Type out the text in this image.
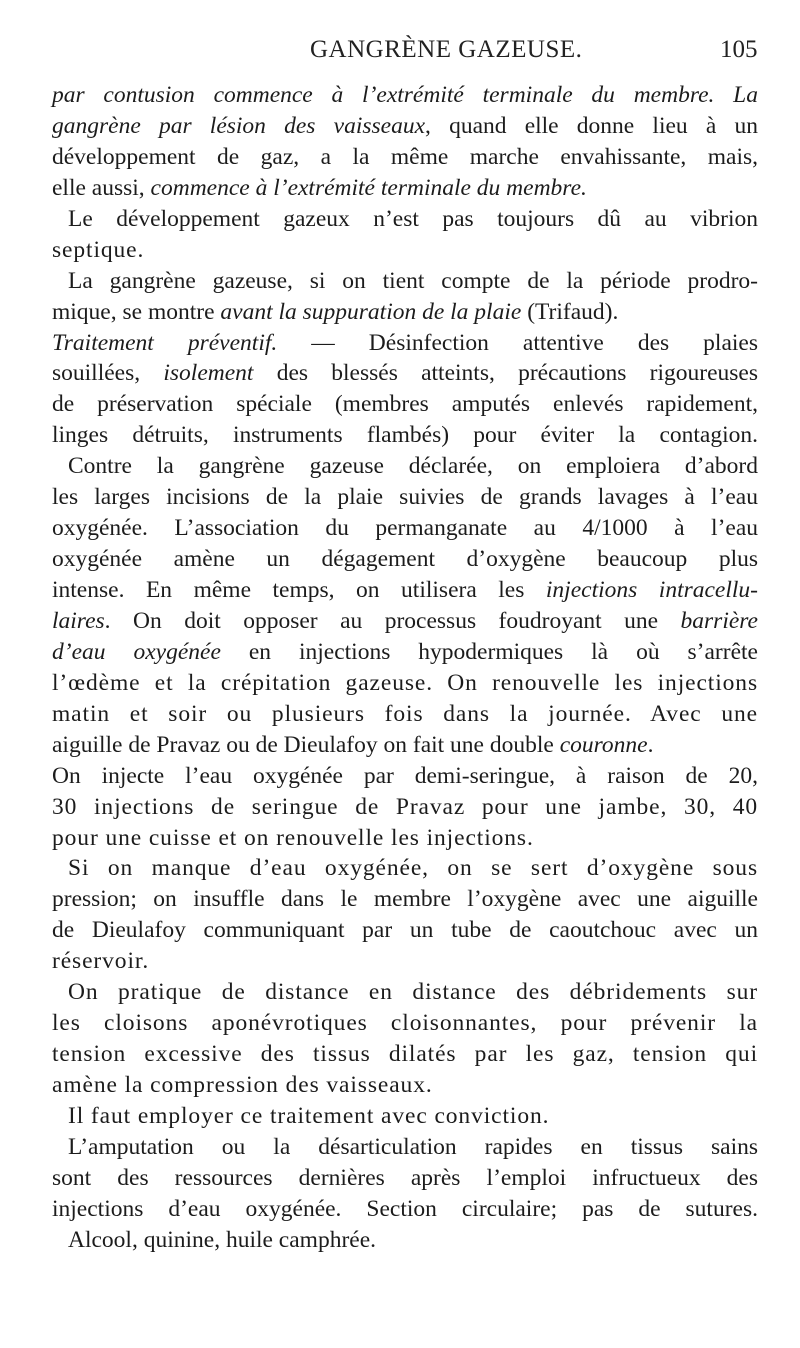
GANGRÈNE GAZEUSE.	105
par contusion commence à l’extrémité terminale du membre. La
gangrène par lésion des vaisseaux, quand elle donne lieu à un
développement de gaz, a la même marche envahissante, mais,
elle aussi, commence à l’extrémité terminale du membre.
Le développement gazeux n’est pas toujours dû au vibrion
septique.
La gangrène gazeuse, si on tient compte de la période prodro-
mique, se montre avant la suppuration de la plaie (Trifaud).
Traitement préventif. — Désinfection attentive des plaies
souillées, isolement des blessés atteints, précautions rigoureuses
de préservation spéciale (membres amputés enlevés rapidement,
linges détruits, instruments flambés) pour éviter la contagion.
Contre la gangrène gazeuse déclarée, on emploiera d’abord
les larges incisions de la plaie suivies de grands lavages à l’eau
oxygénée. L’association du permanganate au 4/1000 à l’eau
oxygénée amène un dégagement d’oxygène beaucoup plus
intense. En même temps, on utilisera les injections intracellu-
laires. On doit opposer au processus foudroyant une barrière
d’eau oxygénée en injections hypodermiques là où s’arrête
l’œdème et la crépitation gazeuse. On renouvelle les injections
matin et soir ou plusieurs fois dans la journée. Avec une
aiguille de Pravaz ou de Dieulafoy on fait une double couronne.
On injecte l’eau oxygénée par demi-seringue, à raison de 20,
30 injections de seringue de Pravaz pour une jambe, 30, 40
pour une cuisse et on renouvelle les injections.
Si on manque d’eau oxygénée, on se sert d’oxygène sous
pression; on insuffle dans le membre l’oxygène avec une aiguille
de Dieulafoy communiquant par un tube de caoutchouc avec un
réservoir.
On pratique de distance en distance des débridements sur
les cloisons aponévrotiques cloisonnantes, pour prévenir la
tension excessive des tissus dilatés par les gaz, tension qui
amène la compression des vaisseaux.
Il faut employer ce traitement avec conviction.
L’amputation ou la désarticulation rapides en tissus sains
sont des ressources dernières après l’emploi infructueux des
injections d’eau oxygénée. Section circulaire; pas de sutures.
Alcool, quinine, huile camphrée.
